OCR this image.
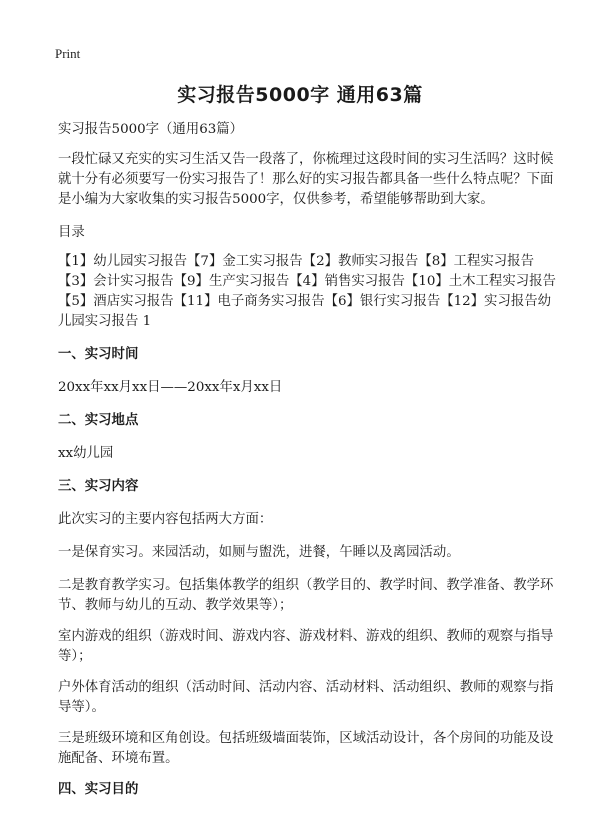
Print
实习报告5000字 通用63篇

实习报告5000字（通用63篇）

一段忙碌又充实的实习生活又告一段落了，你梳理过这段时间的实习生活吗？这时候就十分有必须要写一份实习报告了！那么好的实习报告都具备一些什么特点呢？下面是小编为大家收集的实习报告5000字，仅供参考，希望能够帮助到大家。

目录

【1】幼儿园实习报告【7】金工实习报告【2】教师实习报告【8】工程实习报告【3】会计实习报告【9】生产实习报告【4】销售实习报告【10】土木工程实习报告【5】酒店实习报告【11】电子商务实习报告【6】银行实习报告【12】实习报告幼儿园实习报告 1

一、实习时间

20xx年xx月xx日——20xx年x月xx日

二、实习地点

xx幼儿园

三、实习内容

此次实习的主要内容包括两大方面：

一是保育实习。来园活动，如厕与盥洗，进餐，午睡以及离园活动。

二是教育教学实习。包括集体教学的组织（教学目的、教学时间、教学准备、教学环节、教师与幼儿的互动、教学效果等）；

室内游戏的组织（游戏时间、游戏内容、游戏材料、游戏的组织、教师的观察与指导等）；

户外体育活动的组织（活动时间、活动内容、活动材料、活动组织、教师的观察与指导等）。

三是班级环境和区角创设。包括班级墙面装饰，区域活动设计，各个房间的功能及设施配备、环境布置。

四、实习目的
